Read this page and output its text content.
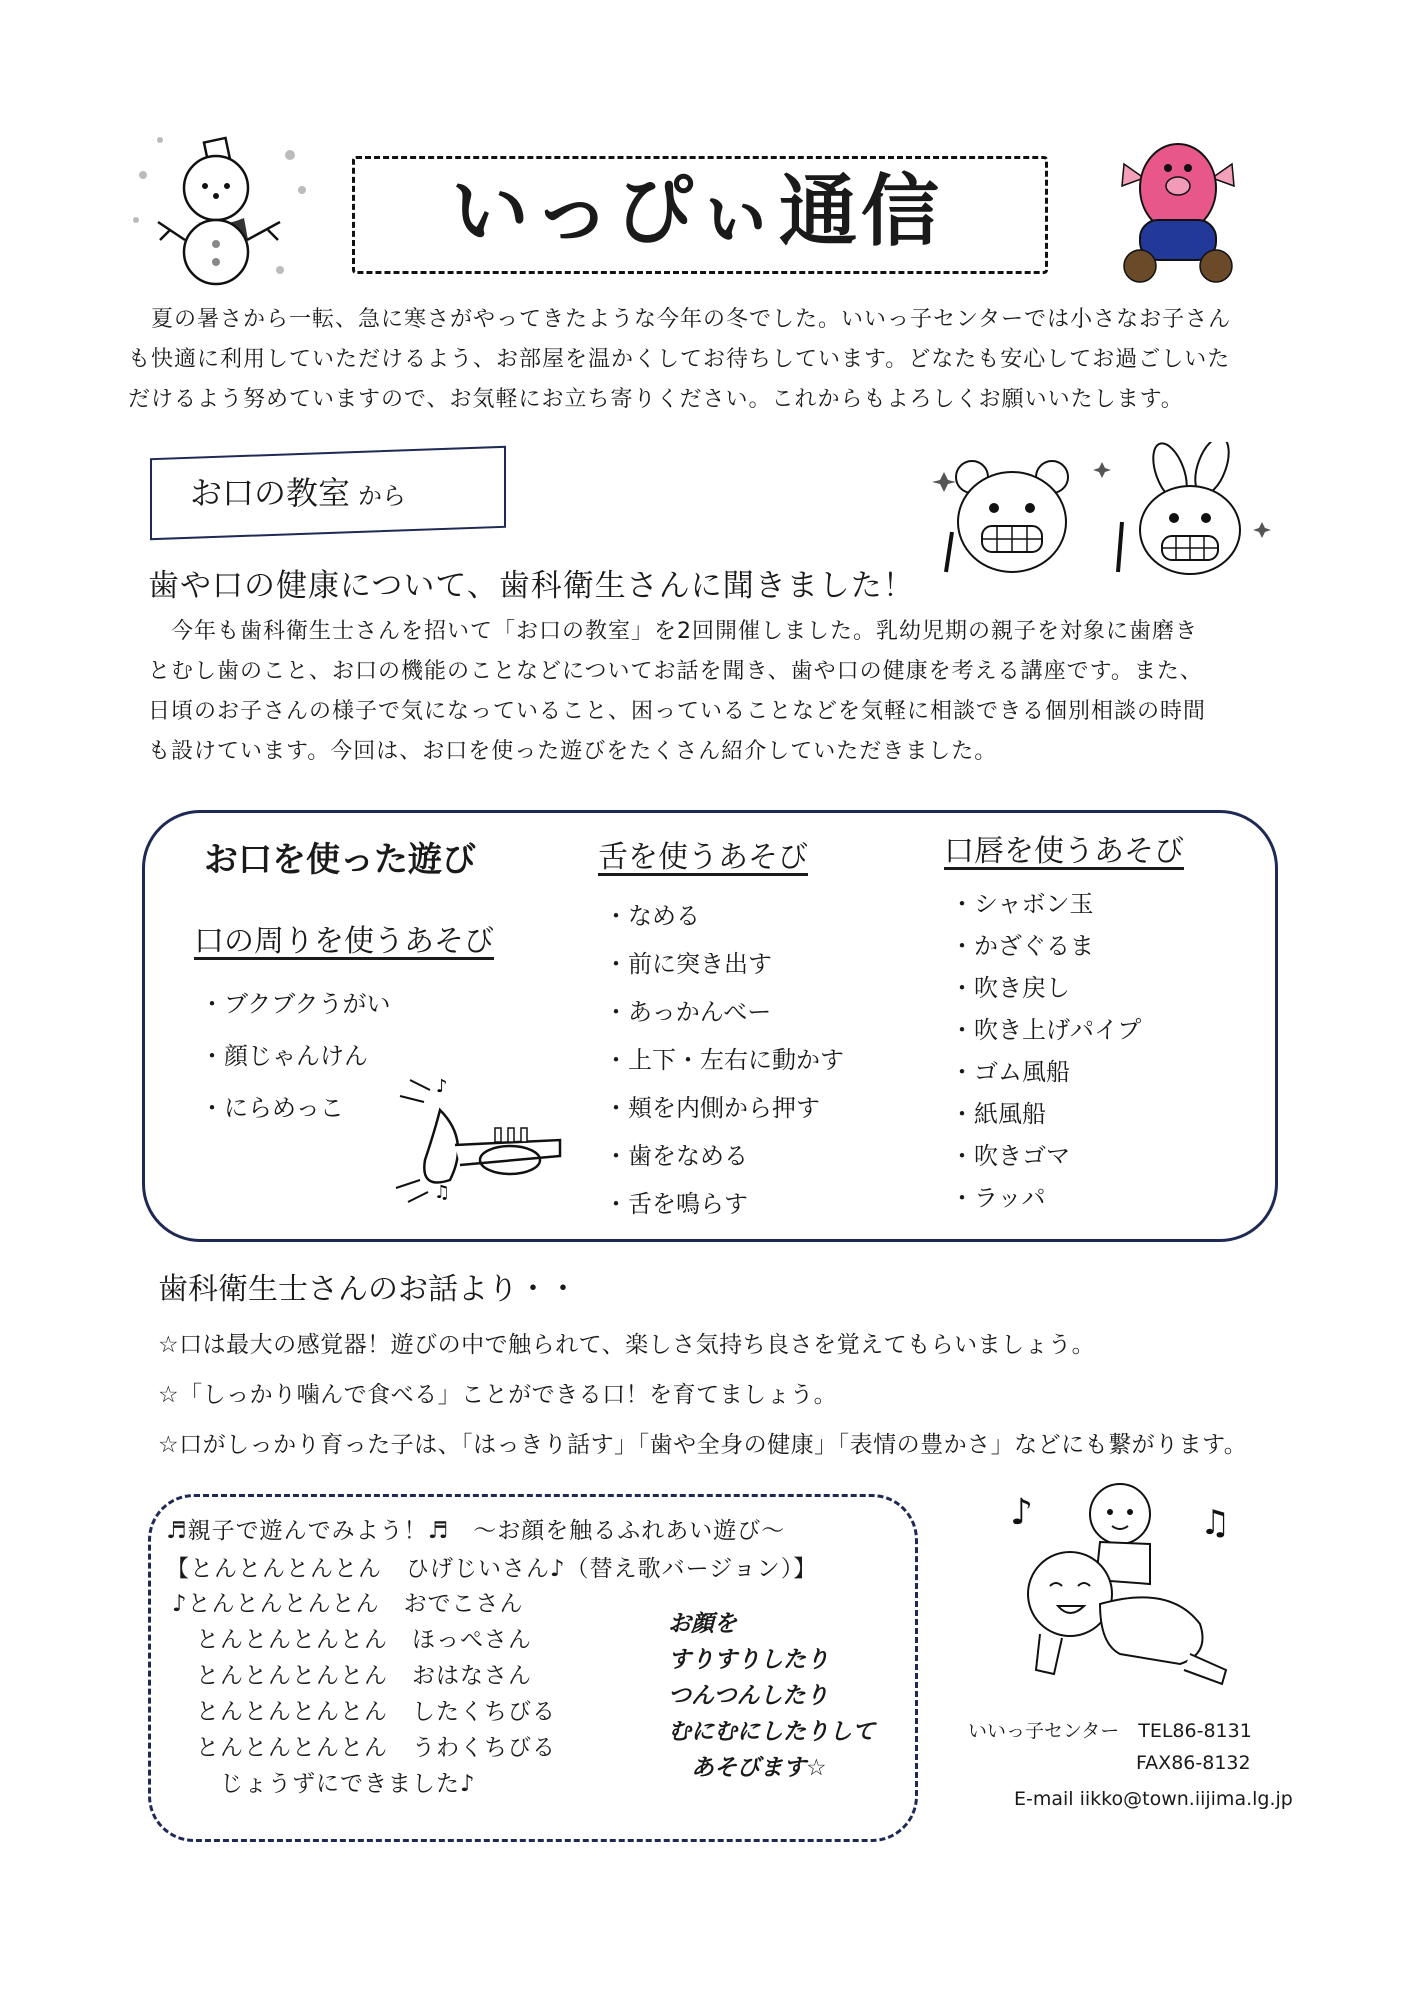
いっぴぃ通信
　夏の暑さから一転、急に寒さがやってきたような今年の冬でした。いいっ子センターでは小さなお子さん
も快適に利用していただけるよう、お部屋を温かくしてお待ちしています。どなたも安心してお過ごしいた
だけるよう努めていますので、お気軽にお立ち寄りください。これからもよろしくお願いいたします。
お口の教室 から
歯や口の健康について、歯科衛生さんに聞きました！
　今年も歯科衛生士さんを招いて「お口の教室」を2回開催しました。乳幼児期の親子を対象に歯磨き
とむし歯のこと、お口の機能のことなどについてお話を聞き、歯や口の健康を考える講座です。また、
日頃のお子さんの様子で気になっていること、困っていることなどを気軽に相談できる個別相談の時間
も設けています。今回は、お口を使った遊びをたくさん紹介していただきました。
お口を使った遊び
口の周りを使うあそび
・ブクブクうがい
・顔じゃんけん
・にらめっこ
♪
♫
舌を使うあそび
・なめる
・前に突き出す
・あっかんべー
・上下・左右に動かす
・頬を内側から押す
・歯をなめる
・舌を鳴らす
口唇を使うあそび
・シャボン玉
・かざぐるま
・吹き戻し
・吹き上げパイプ
・ゴム風船
・紙風船
・吹きゴマ
・ラッパ
歯科衛生士さんのお話より・・
☆口は最大の感覚器！遊びの中で触られて、楽しさ気持ち良さを覚えてもらいましょう。
☆「しっかり噛んで食べる」ことができる口！を育てましょう。
☆口がしっかり育った子は、「はっきり話す」「歯や全身の健康」「表情の豊かさ」などにも繋がります。
♬親子で遊んでみよう！♬　～お顔を触るふれあい遊び～
【とんとんとんとん　ひげじいさん♪（替え歌バージョン）】
♪とんとんとんとん　おでこさん
　とんとんとんとん　ほっぺさん
　とんとんとんとん　おはなさん
　とんとんとんとん　したくちびる
　とんとんとんとん　うわくちびる
　　じょうずにできました♪
お顔を
すりすりしたり
つんつんしたり
むにむにしたりして
　あそびます☆
♪	♫
いいっ子センター　TEL86-8131
FAX86-8132
E-mail iikko@town.iijima.lg.jp
